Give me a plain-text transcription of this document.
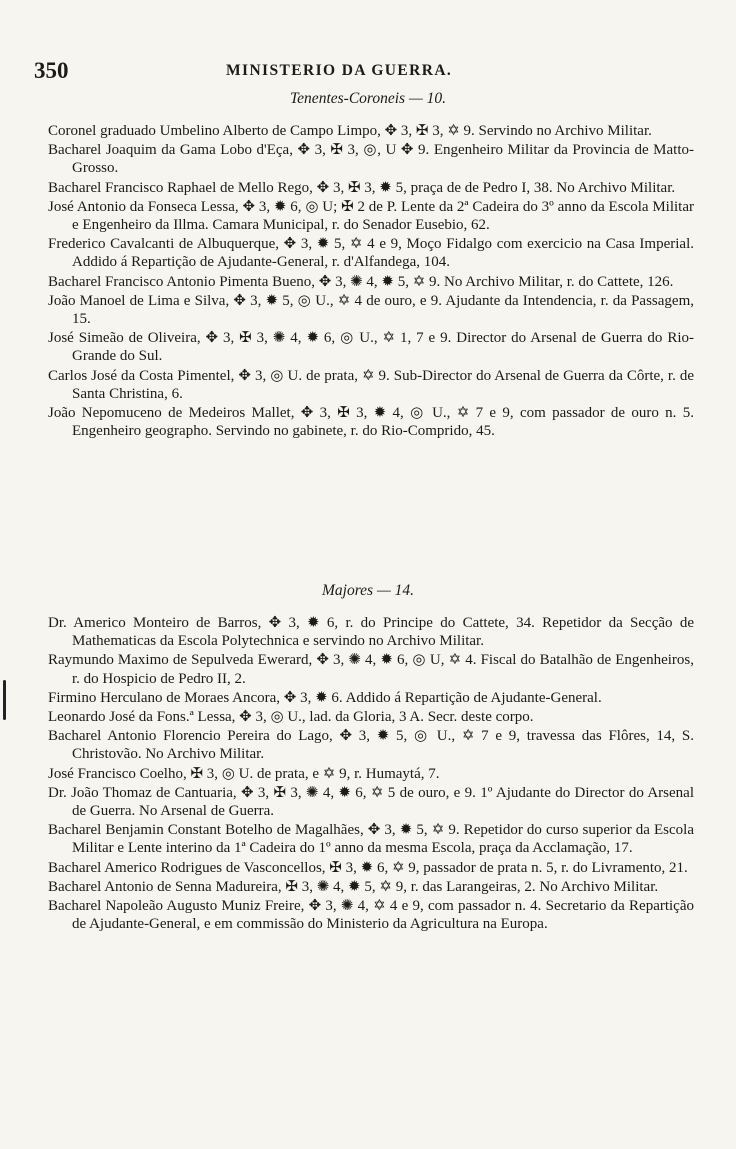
350	MINISTERIO DA GUERRA.
Tenentes-Coroneis — 10.

Coronel graduado Umbelino Alberto de Campo Limpo, ✥ 3, ✠ 3, ✡ 9. Servindo no Archivo Militar.

Bacharel Joaquim da Gama Lobo d'Eça, ✥ 3, ✠ 3, ◎, U ✥ 9. Engenheiro Militar da Provincia de Matto-Grosso.

Bacharel Francisco Raphael de Mello Rego, ✥ 3, ✠ 3, ✹ 5, praça de de Pedro I, 38. No Archivo Militar.

José Antonio da Fonseca Lessa, ✥ 3, ✹ 6, ◎ U; ✠ 2 de P. Lente da 2ª Cadeira do 3º anno da Escola Militar e Engenheiro da Illma. Camara Municipal, r. do Senador Eusebio, 62.

Frederico Cavalcanti de Albuquerque, ✥ 3, ✹ 5, ✡ 4 e 9, Moço Fidalgo com exercicio na Casa Imperial. Addido á Repartição de Ajudante-General, r. d'Alfandega, 104.

Bacharel Francisco Antonio Pimenta Bueno, ✥ 3, ✺ 4, ✹ 5, ✡ 9. No Archivo Militar, r. do Cattete, 126.

João Manoel de Lima e Silva, ✥ 3, ✹ 5, ◎ U., ✡ 4 de ouro, e 9. Ajudante da Intendencia, r. da Passagem, 15.

José Simeão de Oliveira, ✥ 3, ✠ 3, ✺ 4, ✹ 6, ◎ U., ✡ 1, 7 e 9. Director do Arsenal de Guerra do Rio-Grande do Sul.

Carlos José da Costa Pimentel, ✥ 3, ◎ U. de prata, ✡ 9. Sub-Director do Arsenal de Guerra da Côrte, r. de Santa Christina, 6.

João Nepomuceno de Medeiros Mallet, ✥ 3, ✠ 3, ✹ 4, ◎ U., ✡ 7 e 9, com passador de ouro n. 5. Engenheiro geographo. Servindo no gabinete, r. do Rio-Comprido, 45.

Majores — 14.

Dr. Americo Monteiro de Barros, ✥ 3, ✹ 6, r. do Principe do Cattete, 34. Repetidor da Secção de Mathematicas da Escola Polytechnica e servindo no Archivo Militar.

Raymundo Maximo de Sepulveda Ewerard, ✥ 3, ✺ 4, ✹ 6, ◎ U, ✡ 4. Fiscal do Batalhão de Engenheiros, r. do Hospicio de Pedro II, 2.

Firmino Herculano de Moraes Ancora, ✥ 3, ✹ 6. Addido á Repartição de Ajudante-General.

Leonardo José da Fons.ª Lessa, ✥ 3, ◎ U., lad. da Gloria, 3 A. Secr. deste corpo.

Bacharel Antonio Florencio Pereira do Lago, ✥ 3, ✹ 5, ◎ U., ✡ 7 e 9, travessa das Flôres, 14, S. Christovão. No Archivo Militar.

José Francisco Coelho, ✠ 3, ◎ U. de prata, e ✡ 9, r. Humaytá, 7.

Dr. João Thomaz de Cantuaria, ✥ 3, ✠ 3, ✺ 4, ✹ 6, ✡ 5 de ouro, e 9. 1º Ajudante do Director do Arsenal de Guerra. No Arsenal de Guerra.

Bacharel Benjamin Constant Botelho de Magalhães, ✥ 3, ✹ 5, ✡ 9. Repetidor do curso superior da Escola Militar e Lente interino da 1ª Cadeira do 1º anno da mesma Escola, praça da Acclamação, 17.

Bacharel Americo Rodrigues de Vasconcellos, ✠ 3, ✹ 6, ✡ 9, passador de prata n. 5, r. do Livramento, 21.

Bacharel Antonio de Senna Madureira, ✠ 3, ✺ 4, ✹ 5, ✡ 9, r. das Larangeiras, 2. No Archivo Militar.

Bacharel Napoleão Augusto Muniz Freire, ✥ 3, ✺ 4, ✡ 4 e 9, com passador n. 4. Secretario da Repartição de Ajudante-General, e em commissão do Ministerio da Agricultura na Europa.
